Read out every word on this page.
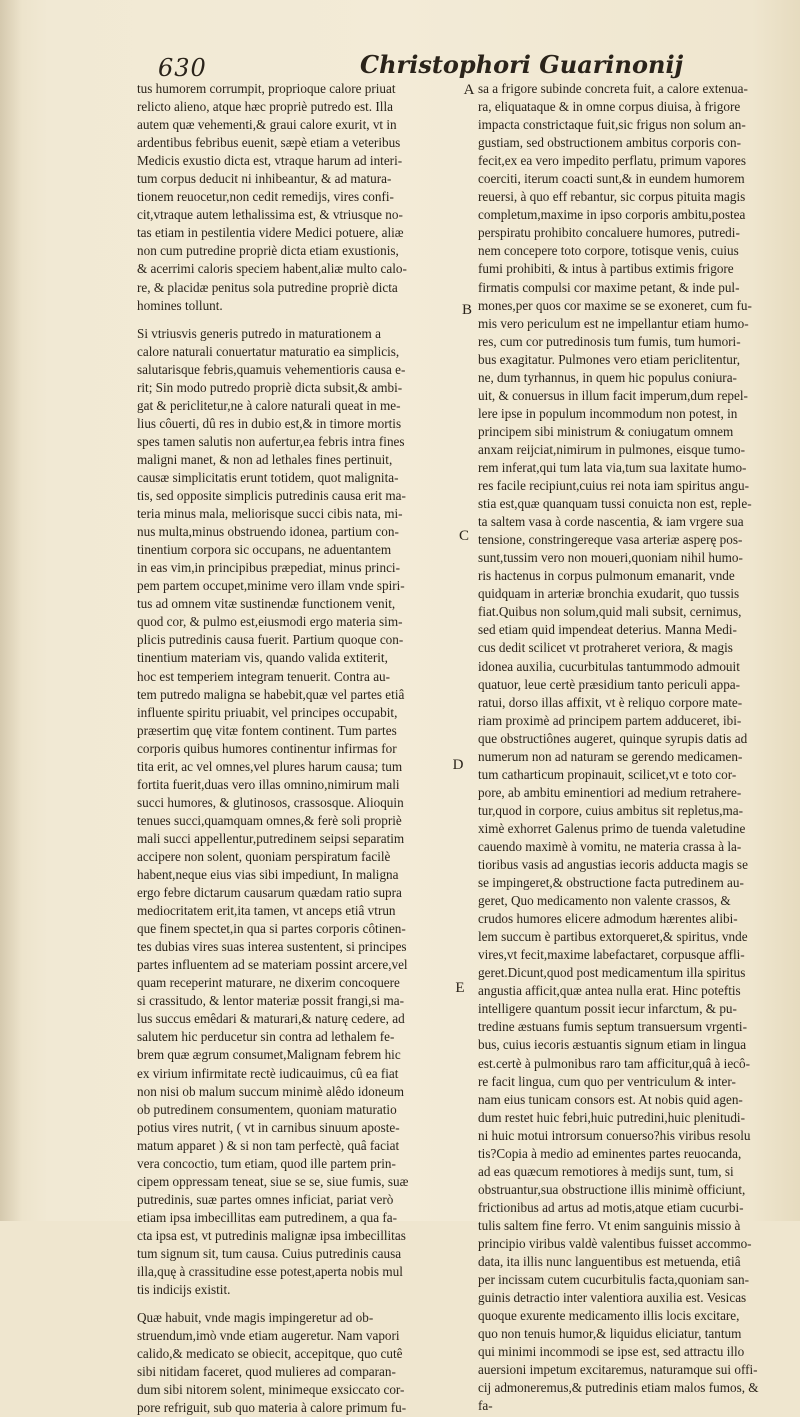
630	Christophori Guarinonij
tus humorem corrumpit, proprioque calore priuat
relicto alieno, atque hæc propriè putredo est. Illa
autem quæ vehementi,& graui calore exurit, vt in
ardentibus febribus euenit, sæpè etiam a veteribus
Medicis exustio dicta est, vtraque harum ad interi-
tum corpus deducit ni inhibeantur, & ad matura-
tionem reuocetur,non cedit remedijs, vires confi-
cit,vtraque autem lethalissima est, & vtriusque no-
tas etiam in pestilentia videre Medici potuere, aliæ
non cum putredine propriè dicta etiam exustionis,
& acerrimi caloris speciem habent,aliæ multo calo-
re, & placidæ penitus sola putredine propriè dicta
homines tollunt.
Si vtriusvis generis putredo in maturationem a
calore naturali conuertatur maturatio ea simplicis,
salutarisque febris,quamuis vehementioris causa e-
rit; Sin modo putredo propriè dicta subsit,& ambi-
gat & periclitetur,ne à calore naturali queat in me-
lius côuerti, dû res in dubio est,& in timore mortis
spes tamen salutis non aufertur,ea febris intra fines
maligni manet, & non ad lethales fines pertinuit,
causæ simplicitatis erunt totidem, quot malignita-
tis, sed opposite simplicis putredinis causa erit ma-
teria minus mala, meliorisque succi cibis nata, mi-
nus multa,minus obstruendo idonea, partium con-
tinentium corpora sic occupans, ne aduentantem
in eas vim,in principibus præpediat, minus princi-
pem partem occupet,minime vero illam vnde spiri-
tus ad omnem vitæ sustinendæ functionem venit,
quod cor, & pulmo est,eiusmodi ergo materia sim-
plicis putredinis causa fuerit. Partium quoque con-
tinentium materiam vis, quando valida extiterit,
hoc est temperiem integram tenuerit. Contra au-
tem putredo maligna se habebit,quæ vel partes etiâ
influente spiritu priuabit, vel principes occupabit,
præsertim quę vitæ fontem continent. Tum partes
corporis quibus humores continentur infirmas for
tita erit, ac vel omnes,vel plures harum causa; tum
fortita fuerit,duas vero illas omnino,nimirum mali
succi humores, & glutinosos, crassosque. Alioquin
tenues succi,quamquam omnes,& ferè soli propriè
mali succi appellentur,putredinem seipsi separatim
accipere non solent, quoniam perspiratum facilè
habent,neque eius vias sibi impediunt, In maligna
ergo febre dictarum causarum quædam ratio supra
mediocritatem erit,ita tamen, vt anceps etiâ vtrun
que finem spectet,in qua si partes corporis côtinen-
tes dubias vires suas interea sustentent, si principes
partes influentem ad se materiam possint arcere,vel
quam receperint maturare, ne dixerim concoquere
si crassitudo, & lentor materiæ possit frangi,si ma-
lus succus emêdari & maturari,& naturę cedere, ad
salutem hic perducetur sin contra ad lethalem fe-
brem quæ ægrum consumet,Malignam febrem hic
ex virium infirmitate rectè iudicauimus, cû ea fiat
non nisi ob malum succum minimè alêdo idoneum
ob putredinem consumentem, quoniam maturatio
potius vires nutrit, ( vt in carnibus sinuum aposte-
matum apparet ) & si non tam perfectè, quâ faciat
vera concoctio, tum etiam, quod ille partem prin-
cipem oppressam teneat, siue se se, siue fumis, suæ
putredinis, suæ partes omnes inficiat, pariat verò
etiam ipsa imbecillitas eam putredinem, a qua fa-
cta ipsa est, vt putredinis malignæ ipsa imbecillitas
tum signum sit, tum causa. Cuius putredinis causa
illa,quę à crassitudine esse potest,aperta nobis mul
tis indicijs existit.
Quæ habuit, vnde magis impingeretur ad ob-
struendum,imò vnde etiam augeretur. Nam vapori
calido,& medicato se obiecit, accepitque, quo cutê
sibi nitidam faceret, quod mulieres ad comparan-
dum sibi nitorem solent, minimeque exsiccato cor-
pore refriguit, sub quo materia à calore primum fu-
sa a frigore subinde concreta fuit, a calore extenua-
ra, eliquataque & in omne corpus diuisa, à frigore
impacta constrictaque fuit,sic frigus non solum an-
gustiam, sed obstructionem ambitus corporis con-
fecit,ex ea vero impedito perflatu, primum vapores
coerciti, iterum coacti sunt,& in eundem humorem
reuersi, à quo eff rebantur, sic corpus pituita magis
completum,maxime in ipso corporis ambitu,postea
perspiratu prohibito concaluere humores, putredi-
nem concepere toto corpore, totisque venis, cuius
fumi prohibiti, & intus à partibus extimis frigore
firmatis compulsi cor maxime petant, & inde pul-
mones,per quos cor maxime se se exoneret, cum fu-
mis vero periculum est ne impellantur etiam humo-
res, cum cor putredinosis tum fumis, tum humori-
bus exagitatur. Pulmones vero etiam periclitentur,
ne, dum tyrhannus, in quem hic populus coniura-
uit, & conuersus in illum facit imperum,dum repel-
lere ipse in populum incommodum non potest, in
principem sibi ministrum & coniugatum omnem
anxam reijciat,nimirum in pulmones, eisque tumo-
rem inferat,qui tum lata via,tum sua laxitate humo-
res facile recipiunt,cuius rei nota iam spiritus angu-
stia est,quæ quanquam tussi conuicta non est, reple-
ta saltem vasa à corde nascentia, & iam vrgere sua
tensione, constringereque vasa arteriæ asperę pos-
sunt,tussim vero non moueri,quoniam nihil humo-
ris hactenus in corpus pulmonum emanarit, vnde
quidquam in arteriæ bronchia exudarit, quo tussis
fiat.Quibus non solum,quid mali subsit, cernimus,
sed etiam quid impendeat deterius. Manna Medi-
cus dedit scilicet vt protraheret veriora, & magis
idonea auxilia, cucurbitulas tantummodo admouit
quatuor, leue certè præsidium tanto periculi appa-
ratui, dorso illas affixit, vt è reliquo corpore mate-
riam proximè ad principem partem adduceret, ibi-
que obstructiônes augeret, quinque syrupis datis ad
numerum non ad naturam se gerendo medicamen-
tum catharticum propinauit, scilicet,vt e toto cor-
pore, ab ambitu eminentiori ad medium retrahere-
tur,quod in corpore, cuius ambitus sit repletus,ma-
ximè exhorret Galenus primo de tuenda valetudine
cauendo maximè à vomitu, ne materia crassa à la-
tioribus vasis ad angustias iecoris adducta magis se
se impingeret,& obstructione facta putredinem au-
geret, Quo medicamento non valente crassos, &
crudos humores elicere admodum hærentes alibi-
lem succum è partibus extorqueret,& spiritus, vnde
vires,vt fecit,maxime labefactaret, corpusque affli-
geret.Dicunt,quod post medicamentum illa spiritus
angustia afficit,quæ antea nulla erat. Hinc poteftis
intelligere quantum possit iecur infarctum, & pu-
tredine æstuans fumis septum transuersum vrgenti-
bus, cuius iecoris æstuantis signum etiam in lingua
est.certè à pulmonibus raro tam afficitur,quâ à iecô-
re facit lingua, cum quo per ventriculum & inter-
nam eius tunicam consors est. At nobis quid agen-
dum restet huic febri,huic putredini,huic plenitudi-
ni huic motui introrsum conuerso?his viribus resolu
tis?Copia à medio ad eminentes partes reuocanda,
ad eas quæcum remotiores à medijs sunt, tum, si
obstruantur,sua obstructione illis minimè officiunt,
frictionibus ad artus ad motis,atque etiam cucurbi-
tulis saltem fine ferro. Vt enim sanguinis missio à
principio viribus valdè valentibus fuisset accommo-
data, ita illis nunc languentibus est metuenda, etiâ
per incissam cutem cucurbitulis facta,quoniam san-
guinis detractio inter valentiora auxilia est. Vesicas
quoque exurente medicamento illis locis excitare,
quo non tenuis humor,& liquidus eliciatur, tantum
qui minimi incommodi se ipse est, sed attractu illo
auersioni impetum excitaremus, naturamque sui offi-
cij admoneremus,& putredinis etiam malos fumos, &
fa-
A
B
C
D
E
